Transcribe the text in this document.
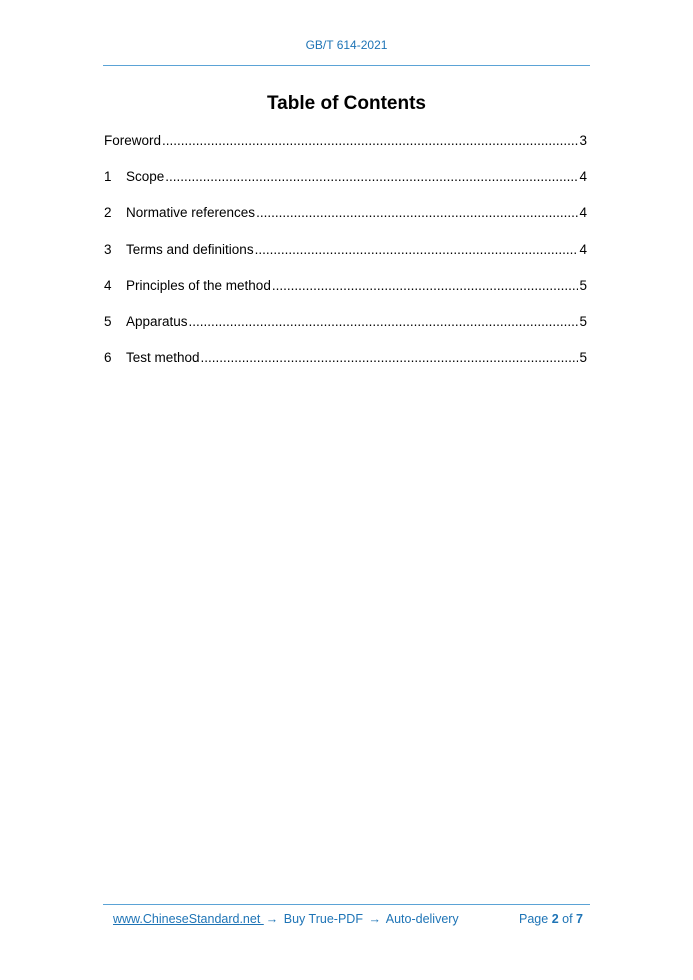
GB/T 614-2021
Table of Contents
Foreword .....	3
1	Scope .....	4
2	Normative references .....	4
3	Terms and definitions .....	4
4	Principles of the method .....	5
5	Apparatus .....	5
6	Test method .....	5
www.ChineseStandard.net → Buy True-PDF → Auto-delivery	Page 2 of 7
